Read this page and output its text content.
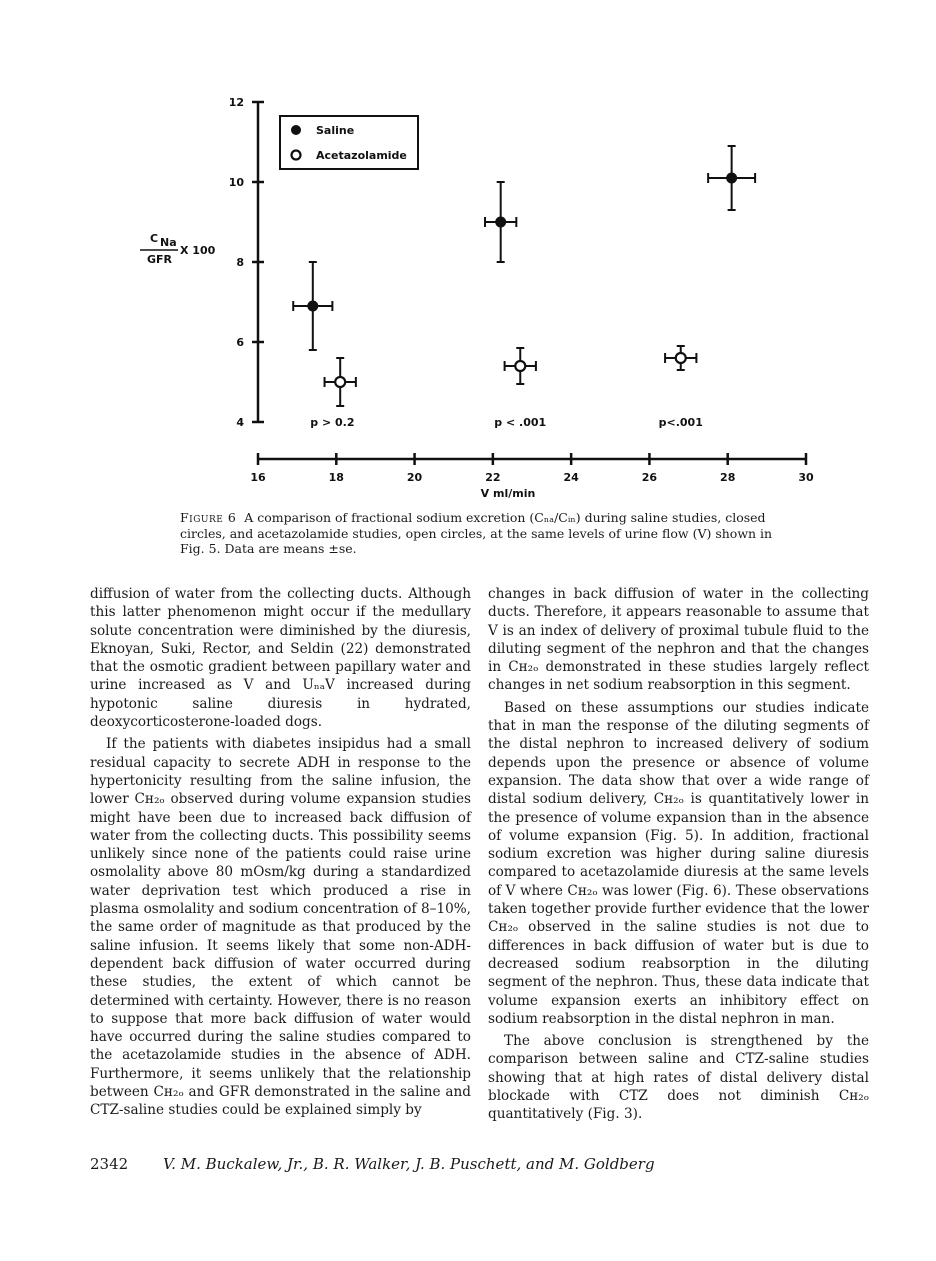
4
6
8
10
12
16	18	20	22	24	26	28	30
V ml/min
Saline
Acetazolamide
C Na
GFR
X 100
p > 0.2	p < .001	p<.001
Figure 6 A comparison of fractional sodium excretion (Cₙₐ/Cᵢₙ) during saline studies, closed circles, and acetazolamide studies, open circles, at the same levels of urine flow (V) shown in Fig. 5. Data are means ±se.

diffusion of water from the collecting ducts. Although this latter phenomenon might occur if the medullary solute concentration were diminished by the diuresis, Eknoyan, Suki, Rector, and Seldin (22) demonstrated that the osmotic gradient between papillary water and urine increased as V and UₙₐV increased during hypotonic saline diuresis in hydrated, deoxycorticosterone-loaded dogs.

If the patients with diabetes insipidus had a small residual capacity to secrete ADH in response to the hypertonicity resulting from the saline infusion, the lower Cʜ₂ₒ observed during volume expansion studies might have been due to increased back diffusion of water from the collecting ducts. This possibility seems unlikely since none of the patients could raise urine osmolality above 80 mOsm/kg during a standardized water deprivation test which produced a rise in plasma osmolality and sodium concentration of 8–10%, the same order of magnitude as that produced by the saline infusion. It seems likely that some non-ADH-dependent back diffusion of water occurred during these studies, the extent of which cannot be determined with certainty. However, there is no reason to suppose that more back diffusion of water would have occurred during the saline studies compared to the acetazolamide studies in the absence of ADH. Furthermore, it seems unlikely that the relationship between Cʜ₂ₒ and GFR demonstrated in the saline and CTZ-saline studies could be explained simply by

changes in back diffusion of water in the collecting ducts. Therefore, it appears reasonable to assume that V is an index of delivery of proximal tubule fluid to the diluting segment of the nephron and that the changes in Cʜ₂ₒ demonstrated in these studies largely reflect changes in net sodium reabsorption in this segment.

Based on these assumptions our studies indicate that in man the response of the diluting segments of the distal nephron to increased delivery of sodium depends upon the presence or absence of volume expansion. The data show that over a wide range of distal sodium delivery, Cʜ₂ₒ is quantitatively lower in the presence of volume expansion than in the absence of volume expansion (Fig. 5). In addition, fractional sodium excretion was higher during saline diuresis compared to acetazolamide diuresis at the same levels of V where Cʜ₂ₒ was lower (Fig. 6). These observations taken together provide further evidence that the lower Cʜ₂ₒ observed in the saline studies is not due to differences in back diffusion of water but is due to decreased sodium reabsorption in the diluting segment of the nephron. Thus, these data indicate that volume expansion exerts an inhibitory effect on sodium reabsorption in the distal nephron in man.

The above conclusion is strengthened by the comparison between saline and CTZ-saline studies showing that at high rates of distal delivery distal blockade with CTZ does not diminish Cʜ₂ₒ quantitatively (Fig. 3).

2342 V. M. Buckalew, Jr., B. R. Walker, J. B. Puschett, and M. Goldberg
